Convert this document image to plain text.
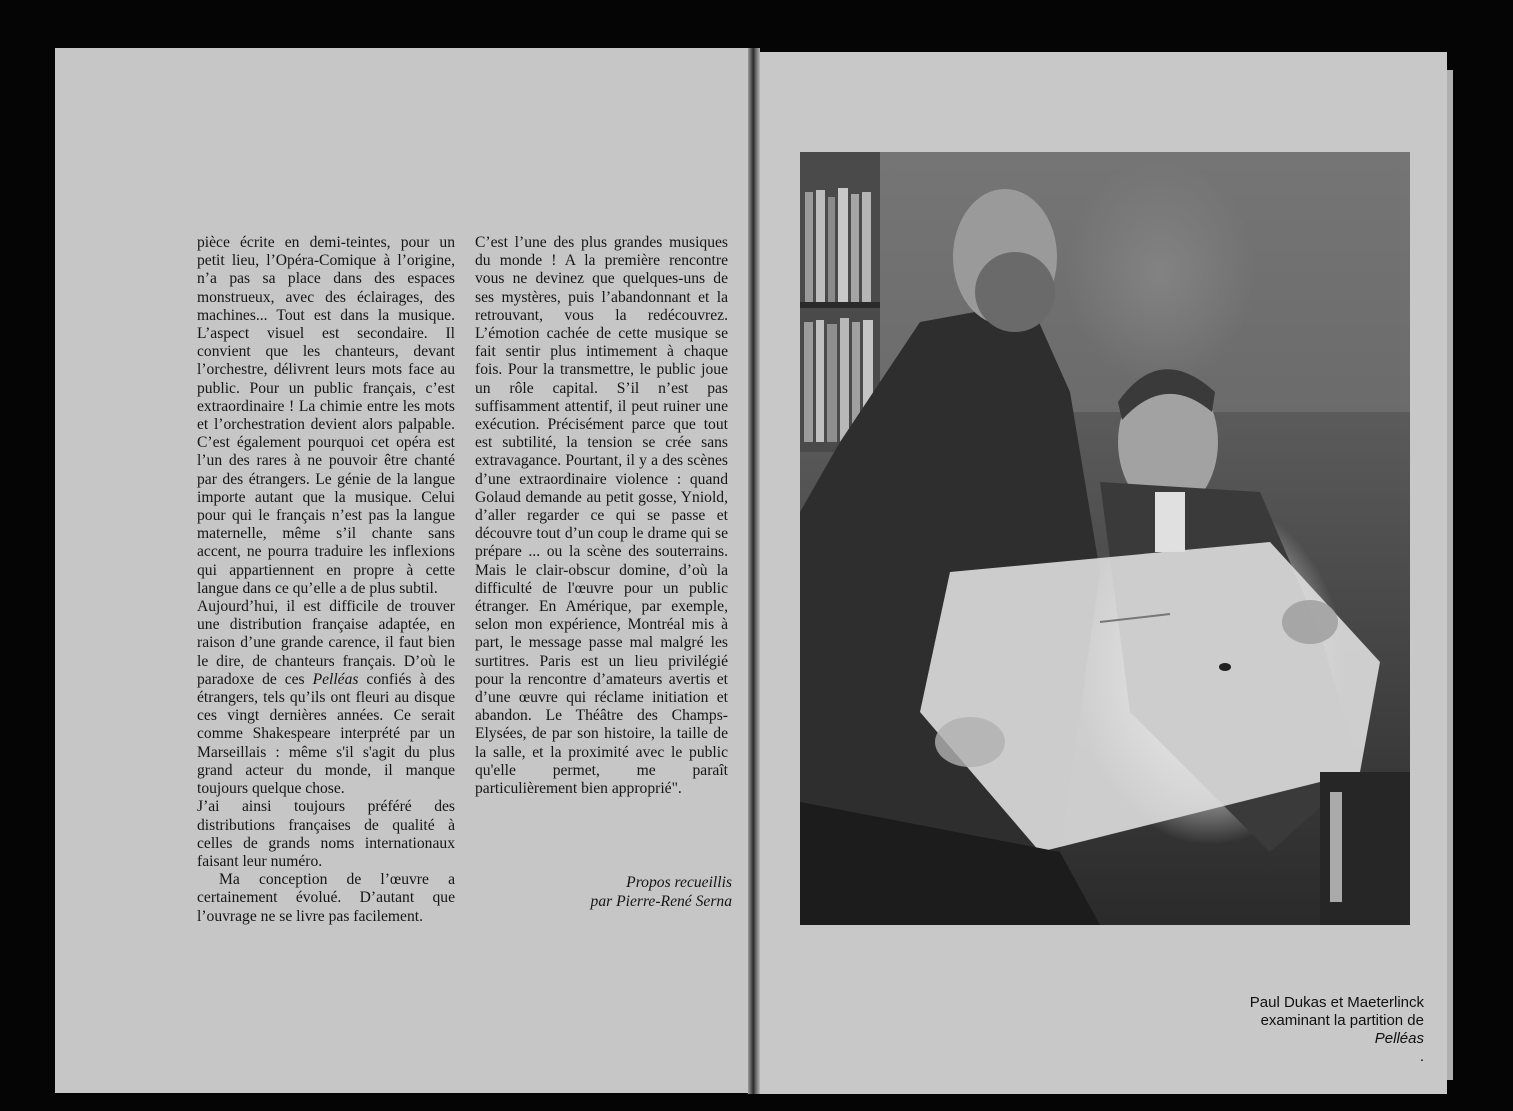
pièce écrite en demi-teintes, pour un petit lieu, l’Opéra-Comique à l’origine, n’a pas sa place dans des espaces monstrueux, avec des éclairages, des machines... Tout est dans la musique. L’aspect visuel est secondaire. Il convient que les chanteurs, devant l’orchestre, délivrent leurs mots face au public. Pour un public français, c’est extraordinaire ! La chimie entre les mots et l’orchestration devient alors palpable. C’est également pourquoi cet opéra est l’un des rares à ne pouvoir être chanté par des étrangers. Le génie de la langue importe autant que la musique. Celui pour qui le français n’est pas la langue maternelle, même s’il chante sans accent, ne pourra traduire les inflexions qui appartiennent en propre à cette langue dans ce qu’elle a de plus subtil.

Aujourd’hui, il est difficile de trouver une distribution française adaptée, en raison d’une grande carence, il faut bien le dire, de chanteurs français. D’où le paradoxe de ces Pelléas confiés à des étrangers, tels qu’ils ont fleuri au disque ces vingt dernières années. Ce serait comme Shakespeare interprété par un Marseillais : même s'il s'agit du plus grand acteur du monde, il manque toujours quelque chose.

J’ai ainsi toujours préféré des distributions françaises de qualité à celles de grands noms internationaux faisant leur numéro.

Ma conception de l’œuvre a certainement évolué. D’autant que l’ouvrage ne se livre pas facilement.

C’est l’une des plus grandes musiques du monde ! A la première rencontre vous ne devinez que quelques-uns de ses mystères, puis l’abandonnant et la retrouvant, vous la redécouvrez. L’émotion cachée de cette musique se fait sentir plus intimement à chaque fois. Pour la transmettre, le public joue un rôle capital. S’il n’est pas suffisamment attentif, il peut ruiner une exécution. Précisément parce que tout est subtilité, la tension se crée sans extravagance. Pourtant, il y a des scènes d’une extraordinaire violence : quand Golaud demande au petit gosse, Yniold, d’aller regarder ce qui se passe et découvre tout d’un coup le drame qui se prépare ... ou la scène des souterrains. Mais le clair-obscur domine, d’où la difficulté de l'œuvre pour un public étranger. En Amérique, par exemple, selon mon expérience, Montréal mis à part, le message passe mal malgré les surtitres. Paris est un lieu privilégié pour la rencontre d’amateurs avertis et d’une œuvre qui réclame initiation et abandon. Le Théâtre des Champs-Elysées, de par son histoire, la taille de la salle, et la proximité avec le public qu'elle permet, me paraît particulièrement bien approprié".

Propos recueillis
par Pierre-René Serna
Paul Dukas et Maeterlinck
examinant la partition de
Pelléas
.
